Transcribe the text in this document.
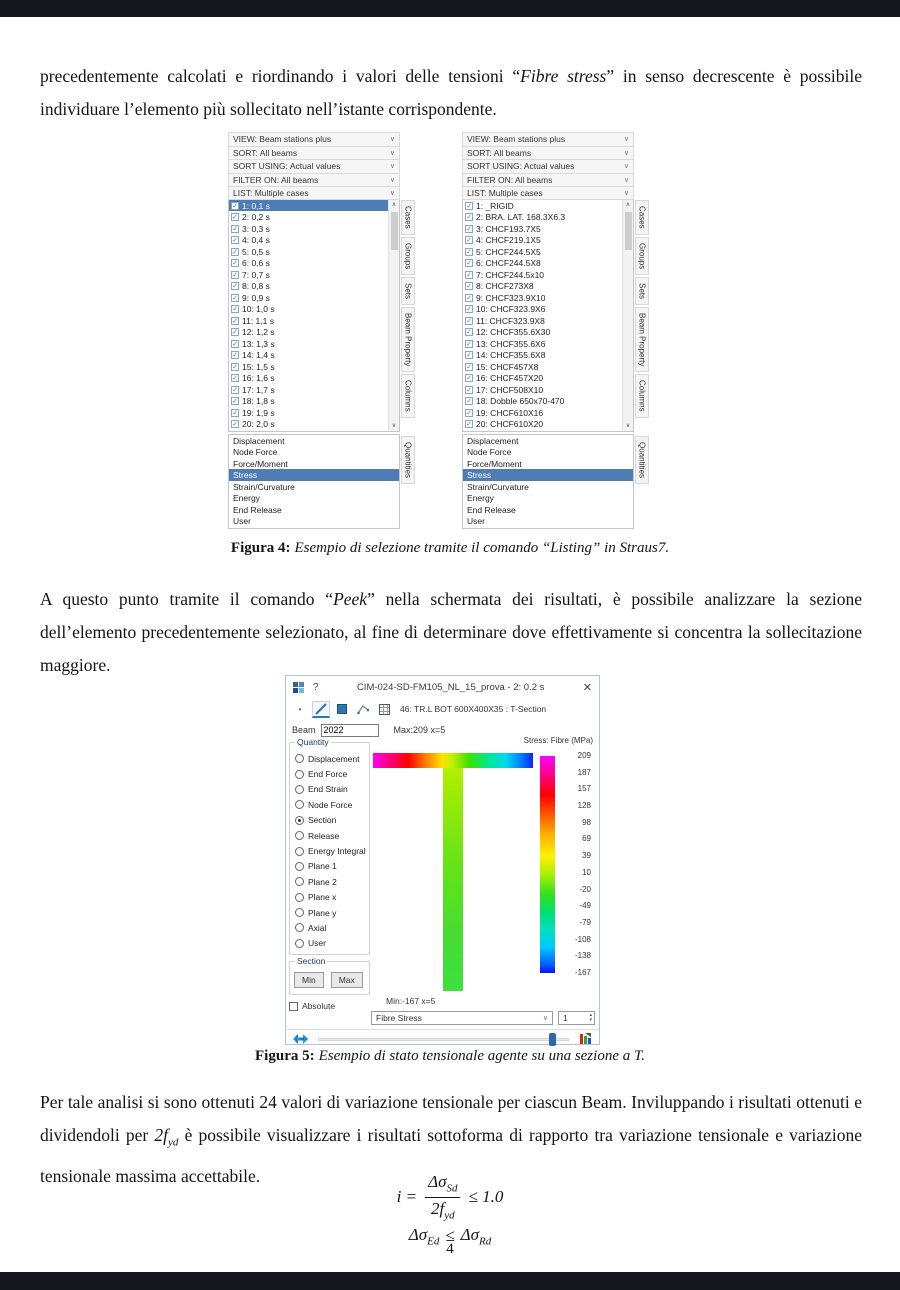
precedentemente calcolati e riordinando i valori delle tensioni “Fibre stress” in senso decrescente è possibile individuare l’elemento più sollecitato nell’istante corrispondente.

VIEW: Beam stations plus	∨
SORT: All beams	∨
SORT USING: Actual values	∨
FILTER ON: All beams	∨
LIST: Multiple cases	∨
✓ 1: 0,1 s
✓ 2: 0,2 s
✓ 3: 0,3 s
✓ 4: 0,4 s
✓ 5: 0,5 s
✓ 6: 0,6 s
✓ 7: 0,7 s
✓ 8: 0,8 s
✓ 9: 0,9 s
✓ 10: 1,0 s
✓ 11: 1,1 s
✓ 12: 1,2 s
✓ 13: 1,3 s
✓ 14: 1,4 s
✓ 15: 1,5 s
✓ 16: 1,6 s
✓ 17: 1,7 s
✓ 18: 1,8 s
✓ 19: 1,9 s
✓ 20: 2,0 s
∧
∨
Displacement
Node Force
Force/Moment
Stress
Strain/Curvature
Energy
End Release
User
Cases
Groups
Sets
Beam Property
Columns
Quantities
VIEW: Beam stations plus	∨
SORT: All beams	∨
SORT USING: Actual values	∨
FILTER ON: All beams	∨
LIST: Multiple cases	∨
✓ 1: _RIGID
✓ 2: BRA. LAT. 168.3X6.3
✓ 3: CHCF193.7X5
✓ 4: CHCF219.1X5
✓ 5: CHCF244.5X5
✓ 6: CHCF244.5X8
✓ 7: CHCF244.5x10
✓ 8: CHCF273X8
✓ 9: CHCF323.9X10
✓ 10: CHCF323.9X6
✓ 11: CHCF323.9X8
✓ 12: CHCF355.6X30
✓ 13: CHCF355.6X6
✓ 14: CHCF355.6X8
✓ 15: CHCF457X8
✓ 16: CHCF457X20
✓ 17: CHCF508X10
✓ 18: Dobble 650x70-470
✓ 19: CHCF610X16
✓ 20: CHCF610X20
∧
∨
Displacement
Node Force
Force/Moment
Stress
Strain/Curvature
Energy
End Release
User
Cases
Groups
Sets
Beam Property
Columns
Quantities

Figura 4: Esempio di selezione tramite il comando “Listing” in Straus7.

A questo punto tramite il comando “Peek” nella schermata dei risultati, è possibile analizzare la sezione dell’elemento precedentemente selezionato, al fine di determinare dove effettivamente si concentra la sollecitazione maggiore.

?	CIM-024-SD-FM105_NL_15_prova - 2: 0.2 s	✕
•	46: TR.L BOT 600X400X35 : T-Section
Beam
2022	Max:209 x=5
Quantity
Displacement
End Force
End Strain
Node Force
Section
Release
Energy Integral
Plane 1
Plane 2
Plane x
Plane y
Axial
User
Section
Min	Max
Absolute
Stress: Fibre (MPa)
209
187
157
128
98
69
39
10
-20
-49
-79
-108
-138
-167
Min:-167 x=5
Fibre Stress	∨	1	▴
▾

Figura 5: Esempio di stato tensionale agente su una sezione a T.

Per tale analisi si sono ottenuti 24 valori di variazione tensionale per ciascun Beam. Inviluppando i risultati ottenuti e dividendoli per $2f_{yd}$ è possibile visualizzare i risultati sottoforma di rapporto tra variazione tensionale e variazione tensionale massima accettabile.

$i = \frac{\Delta\sigma_{Sd}}{2f_{yd}} \le 1.0$
$\Delta\sigma_{Ed} \le \Delta\sigma_{Rd}$

4
